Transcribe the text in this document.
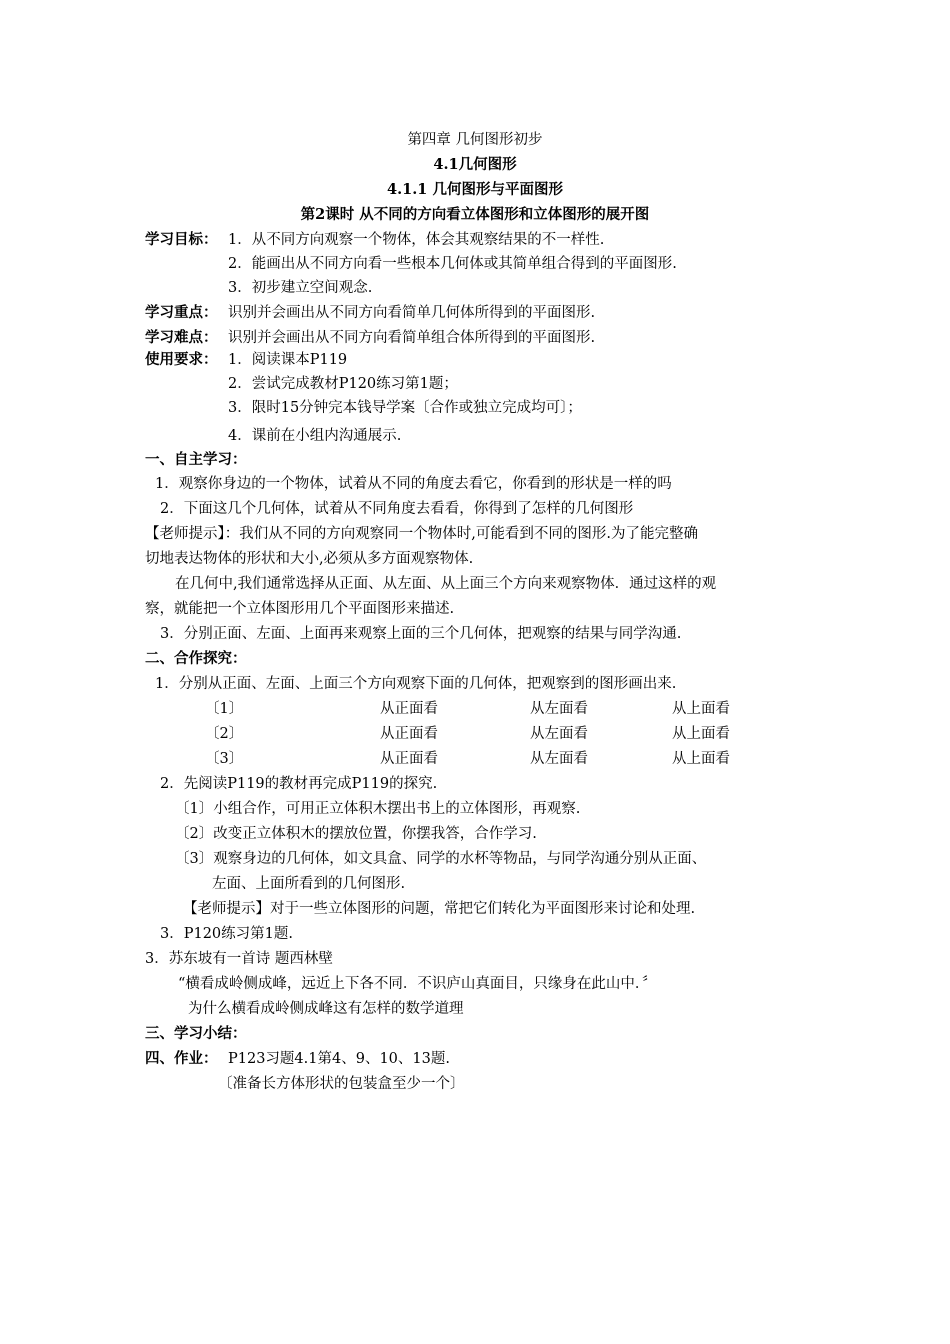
第四章 几何图形初步
4.1几何图形
4.1.1 几何图形与平面图形
第2课时 从不同的方向看立体图形和立体图形的展开图
学习目标： 1．从不同方向观察一个物体，体会其观察结果的不一样性.
2．能画出从不同方向看一些根本几何体或其简单组合得到的平面图形.
3．初步建立空间观念.
学习重点： 识别并会画出从不同方向看简单几何体所得到的平面图形.
学习难点： 识别并会画出从不同方向看简单组合体所得到的平面图形.
使用要求： 1．阅读课本P119
2．尝试完成教材P120练习第1题；
3．限时15分钟完本钱导学案〔合作或独立完成均可〕；
4．课前在小组内沟通展示.
一、自主学习：
1．观察你身边的一个物体，试着从不同的角度去看它，你看到的形状是一样的吗
2．下面这几个几何体，试着从不同角度去看看，你得到了怎样的几何图形
【老师提示】：我们从不同的方向观察同一个物体时,可能看到不同的图形.为了能完整确
切地表达物体的形状和大小,必须从多方面观察物体.
在几何中,我们通常选择从正面、从左面、从上面三个方向来观察物体．通过这样的观
察，就能把一个立体图形用几个平面图形来描述.
3．分别正面、左面、上面再来观察上面的三个几何体，把观察的结果与同学沟通.
二、合作探究：
1．分别从正面、左面、上面三个方向观察下面的几何体，把观察到的图形画出来.
〔1〕	从正面看	从左面看	从上面看
〔2〕	从正面看	从左面看	从上面看
〔3〕	从正面看	从左面看	从上面看
2．先阅读P119的教材再完成P119的探究.
〔1〕小组合作，可用正立体积木摆出书上的立体图形，再观察.
〔2〕改变正立体积木的摆放位置，你摆我答，合作学习.
〔3〕观察身边的几何体，如文具盒、同学的水杯等物品，与同学沟通分别从正面、
左面、上面所看到的几何图形.
【老师提示】对于一些立体图形的问题，常把它们转化为平面图形来讨论和处理.
3．P120练习第1题.
3．苏东坡有一首诗 题西林壁
“横看成岭侧成峰，远近上下各不同．不识庐山真面目，只缘身在此山中．〞
为什么横看成岭侧成峰这有怎样的数学道理
三、学习小结：
四、作业： P123习题4.1第4、9、10、13题.
〔准备长方体形状的包装盒至少一个〕
